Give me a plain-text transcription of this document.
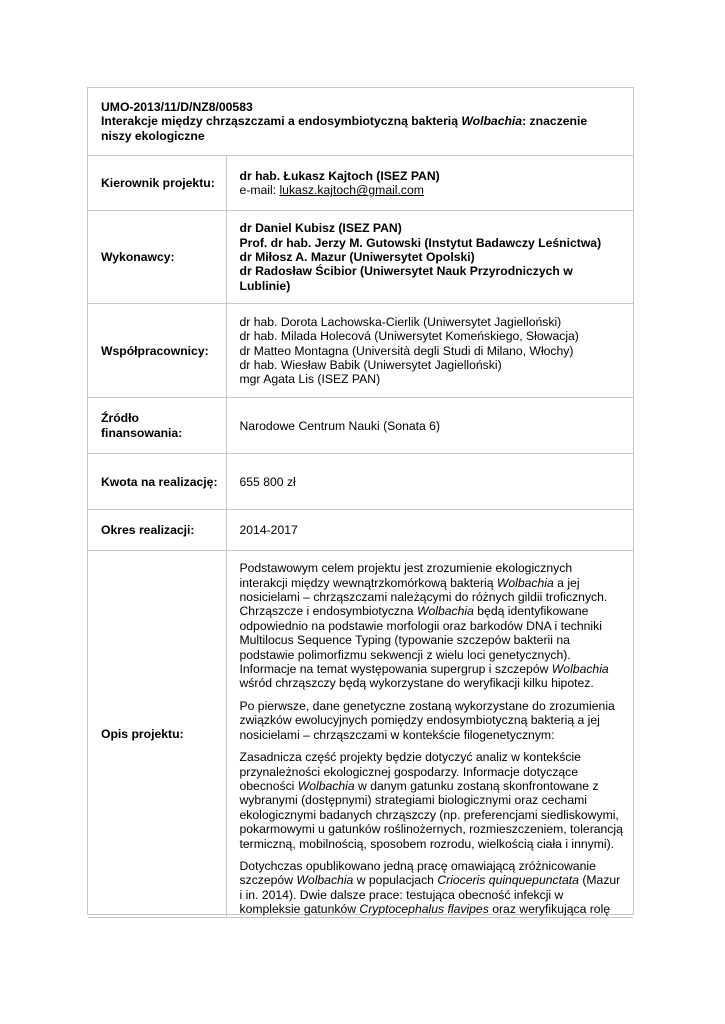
UMO-2013/11/D/NZ8/00583
Interakcje między chrząszczami a endosymbiotyczną bakterią Wolbachia: znaczenie niszy ekologiczne	
Kierownik projektu:	dr hab. Łukasz Kajtoch (ISEZ PAN)
e-mail: lukasz.kajtoch@gmail.com

Wykonawcy:	dr Daniel Kubisz (ISEZ PAN)
Prof. dr hab. Jerzy M. Gutowski (Instytut Badawczy Leśnictwa)
dr Miłosz A. Mazur (Uniwersytet Opolski)
dr Radosław Ścibior (Uniwersytet Nauk Przyrodniczych w Lublinie)

Współpracownicy:	dr hab. Dorota Lachowska-Cierlik (Uniwersytet Jagielloński)
dr hab. Milada Holecová (Uniwersytet Komeńskiego, Słowacja)
dr Matteo Montagna (Università degli Studi di Milano, Włochy)
dr hab. Wiesław Babik (Uniwersytet Jagielloński)
mgr Agata Lis (ISEZ PAN)

Źródło finansowania:	Narodowe Centrum Nauki (Sonata 6)
Kwota na realizację:	655 800 zł
Okres realizacji:	2014-2017
Opis projektu:	Podstawowym celem projektu jest zrozumienie ekologicznych interakcji między wewnątrzkomórkową bakterią Wolbachia a jej nosicielami – chrząszczami należącymi do różnych gildii troficznych. Chrząszcze i endosymbiotyczna Wolbachia będą identyfikowane odpowiednio na podstawie morfologii oraz barkodów DNA i techniki Multilocus Sequence Typing (typowanie szczepów bakterii na podstawie polimorfizmu sekwencji z wielu loci genetycznych). Informacje na temat występowania supergrup i szczepów Wolbachia wśród chrząszczy będą wykorzystane do weryfikacji kilku hipotez.

Po pierwsze, dane genetyczne zostaną wykorzystane do zrozumienia związków ewolucyjnych pomiędzy endosymbiotyczną bakterią a jej nosicielami – chrząszczami w kontekście filogenetycznym:

Zasadnicza część projekty będzie dotyczyć analiz w kontekście przynależności ekologicznej gospodarzy. Informacje dotyczące obecności Wolbachia w danym gatunku zostaną skonfrontowane z wybranymi (dostępnymi) strategiami biologicznymi oraz cechami ekologicznymi badanych chrząszczy (np. preferencjami siedliskowymi, pokarmowymi u gatunków roślinożernych, rozmieszczeniem, tolerancją termiczną, mobilnością, sposobem rozrodu, wielkością ciała i innymi).

Dotychczas opublikowano jedną pracę omawiającą zróżnicowanie szczepów Wolbachia w populacjach Crioceris quinquepunctata (Mazur i in. 2014). Dwie dalsze prace: testująca obecność infekcji w kompleksie gatunków Cryptocephalus flavipes oraz weryfikująca rolę
